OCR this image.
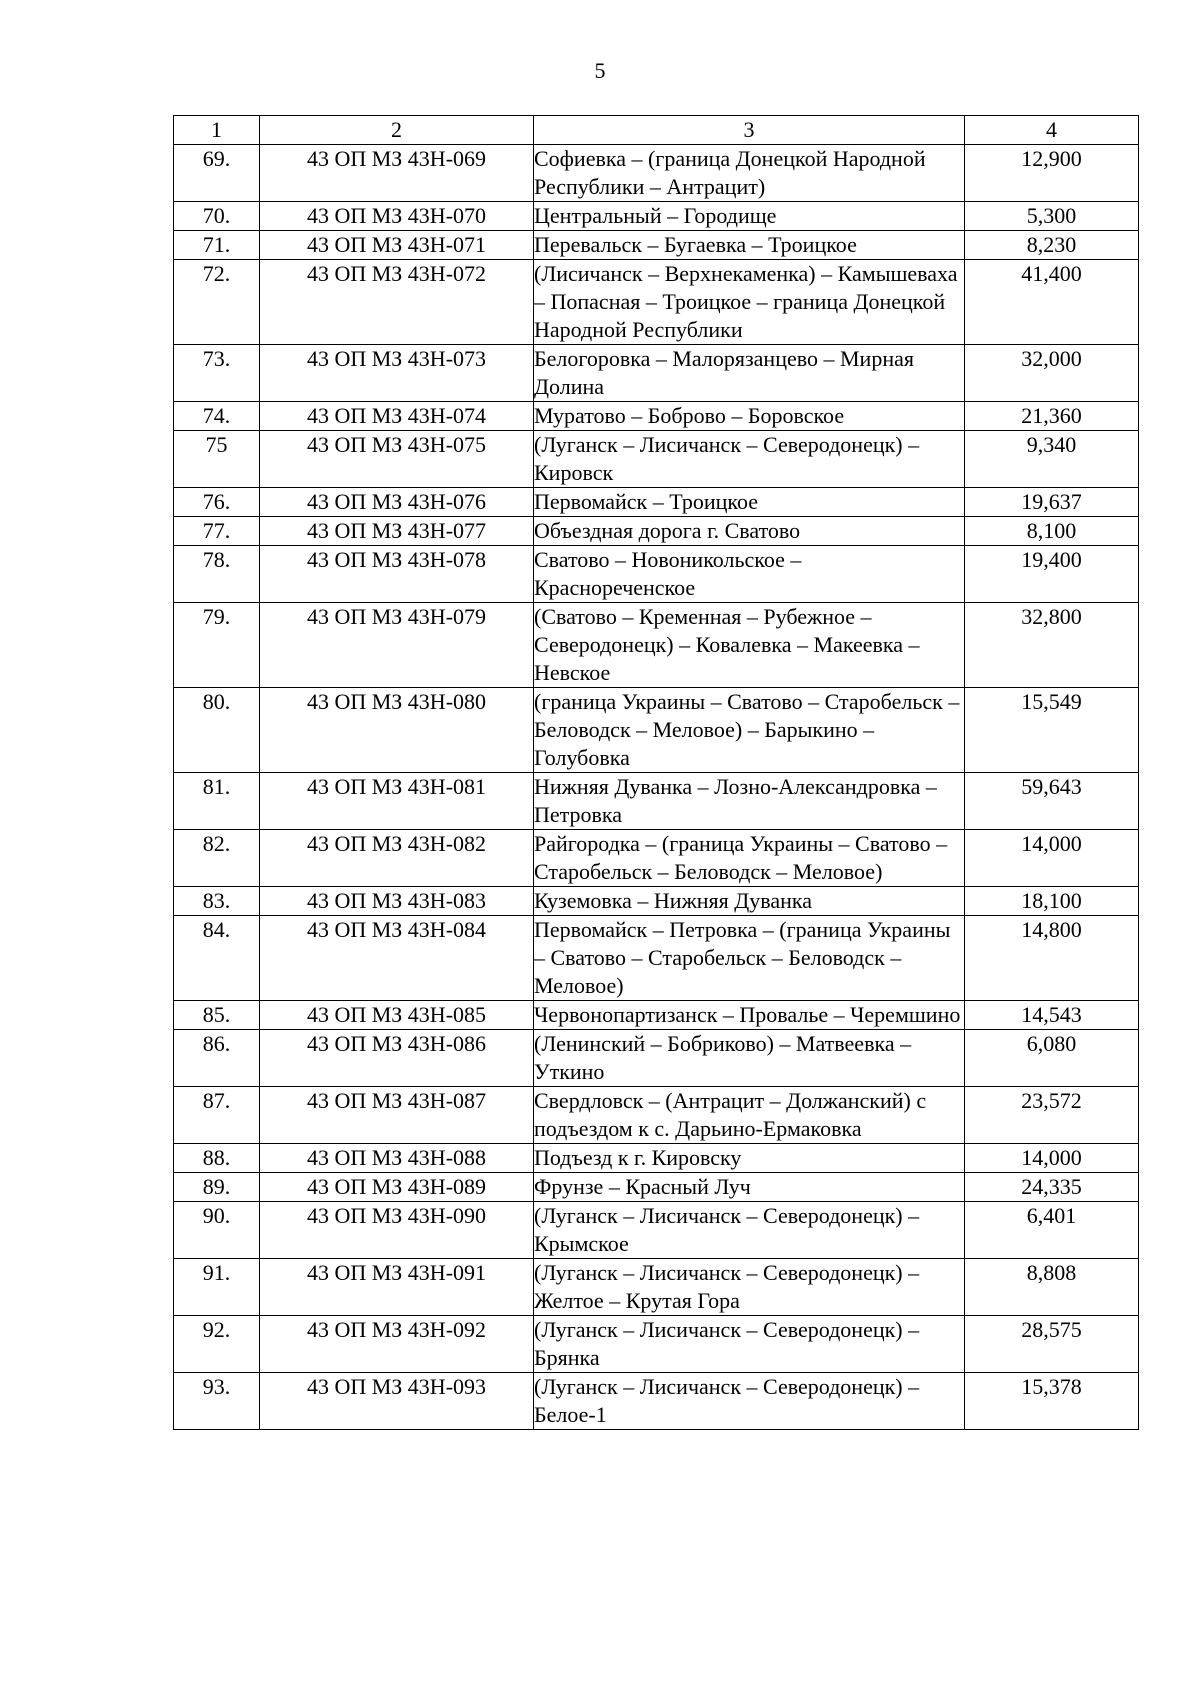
5
1	2	3	4
69.	43 ОП МЗ 43Н-069	Софиевка – (граница Донецкой Народной Республики – Антрацит)	12,900
70.	43 ОП МЗ 43Н-070	Центральный – Городище	5,300
71.	43 ОП МЗ 43Н-071	Перевальск – Бугаевка – Троицкое	8,230
72.	43 ОП МЗ 43Н-072	(Лисичанск – Верхнекаменка) – Камышеваха – Попасная – Троицкое – граница Донецкой Народной Республики	41,400
73.	43 ОП МЗ 43Н-073	Белогоровка – Малорязанцево – Мирная Долина	32,000
74.	43 ОП МЗ 43Н-074	Муратово – Боброво – Боровское	21,360
75	43 ОП МЗ 43Н-075	(Луганск – Лисичанск – Северодонецк) – Кировск	9,340
76.	43 ОП МЗ 43Н-076	Первомайск – Троицкое	19,637
77.	43 ОП МЗ 43Н-077	Объездная дорога г. Сватово	8,100
78.	43 ОП МЗ 43Н-078	Сватово – Новоникольское – Краснореченское	19,400
79.	43 ОП МЗ 43Н-079	(Сватово – Кременная – Рубежное – Северодонецк) – Ковалевка – Макеевка – Невское	32,800
80.	43 ОП МЗ 43Н-080	(граница Украины – Сватово – Старобельск – Беловодск – Меловое) – Барыкино – Голубовка	15,549
81.	43 ОП МЗ 43Н-081	Нижняя Дуванка – Лозно-Александровка – Петровка	59,643
82.	43 ОП МЗ 43Н-082	Райгородка – (граница Украины – Сватово – Старобельск – Беловодск – Меловое)	14,000
83.	43 ОП МЗ 43Н-083	Куземовка – Нижняя Дуванка	18,100
84.	43 ОП МЗ 43Н-084	Первомайск – Петровка – (граница Украины – Сватово – Старобельск – Беловодск – Меловое)	14,800
85.	43 ОП МЗ 43Н-085	Червонопартизанск – Провалье – Черемшино	14,543
86.	43 ОП МЗ 43Н-086	(Ленинский – Бобриково) – Матвеевка – Уткино	6,080
87.	43 ОП МЗ 43Н-087	Свердловск – (Антрацит – Должанский) с подъездом к с. Дарьино-Ермаковка	23,572
88.	43 ОП МЗ 43Н-088	Подъезд к г. Кировску	14,000
89.	43 ОП МЗ 43Н-089	Фрунзе – Красный Луч	24,335
90.	43 ОП МЗ 43Н-090	(Луганск – Лисичанск – Северодонецк) – Крымское	6,401
91.	43 ОП МЗ 43Н-091	(Луганск – Лисичанск – Северодонецк) – Желтое – Крутая Гора	8,808
92.	43 ОП МЗ 43Н-092	(Луганск – Лисичанск – Северодонецк) – Брянка	28,575
93.	43 ОП МЗ 43Н-093	(Луганск – Лисичанск – Северодонецк) – Белое-1	15,378
